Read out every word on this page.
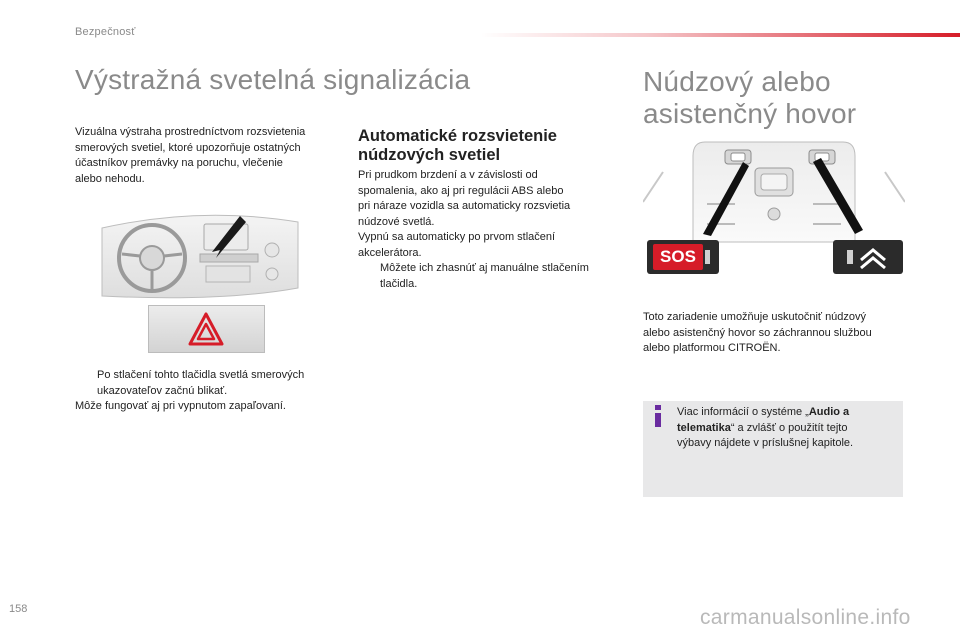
Bezpečnosť
Výstražná svetelná signalizácia
Vizuálna výstraha prostredníctvom rozsvietenia
smerových svetiel, ktoré upozorňuje ostatných
účastníkov premávky na poruchu, vlečenie
alebo nehodu.
Po stlačení tohto tlačidla svetlá smerových
ukazovateľov začnú blikať.
Môže fungovať aj pri vypnutom zapaľovaní.
Automatické rozsvietenie
núdzových svetiel
Pri prudkom brzdení a v závislosti od
spomalenia, ako aj pri regulácii ABS alebo
pri náraze vozidla sa automaticky rozsvietia
núdzové svetlá.
Vypnú sa automaticky po prvom stlačení
akcelerátora.
Môžete ich zhasnúť aj manuálne stlačením
tlačidla.
Núdzový alebo
asistenčný hovor
SOS
Toto zariadenie umožňuje uskutočniť núdzový
alebo asistenčný hovor so záchrannou službou
alebo platformou CITROËN.
Viac informácií o systéme „Audio a
telematika“ a zvlášť o použitít tejto
výbavy nájdete v príslušnej kapitole.
158	carmanualsonline.info
